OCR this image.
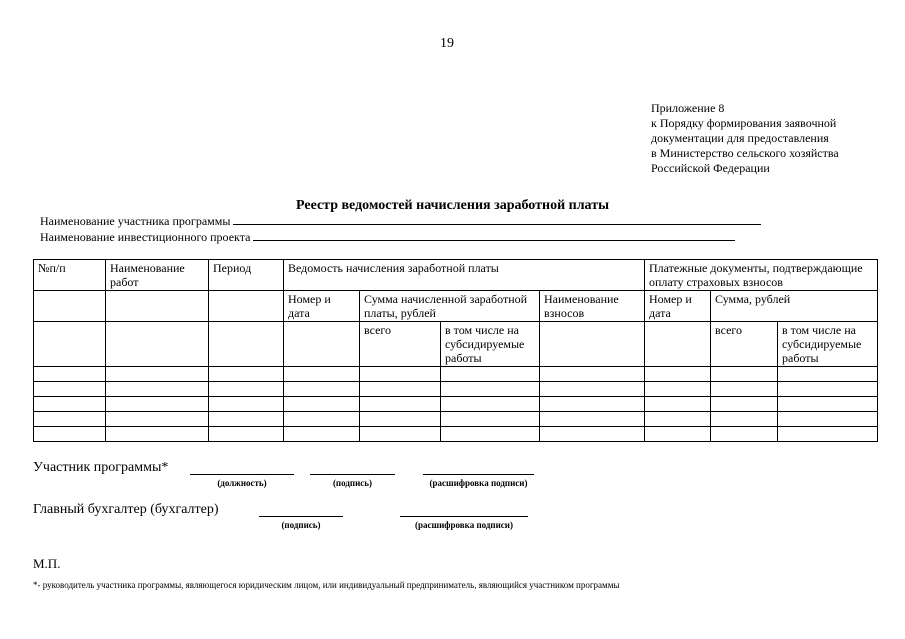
19
Приложение 8
к Порядку формирования заявочной
документации для предоставления
в Министерство сельского хозяйства
Российской Федерации
Реестр ведомостей начисления заработной платы
Наименование участника программы
Наименование инвестиционного проекта
№п/п	Наименование работ	Период	Ведомость начисления заработной платы				Платежные документы, подтверждающие оплату страховых взносов		
			Номер и дата	Сумма начисленной заработной платы, рублей		Наименование взносов	Номер и дата	Сумма, рублей	
				всего	в том числе на субсидируемые работы			всего	в том числе на субсидируемые работы

Участник программы*
(должность)	(подпись)	(расшифровка подписи)
Главный бухгалтер (бухгалтер)
(подпись)	(расшифровка подписи)
М.П.
*- руководитель участника программы, являющегося юридическим лицом, или индивидуальный предприниматель, являющийся участником программы
